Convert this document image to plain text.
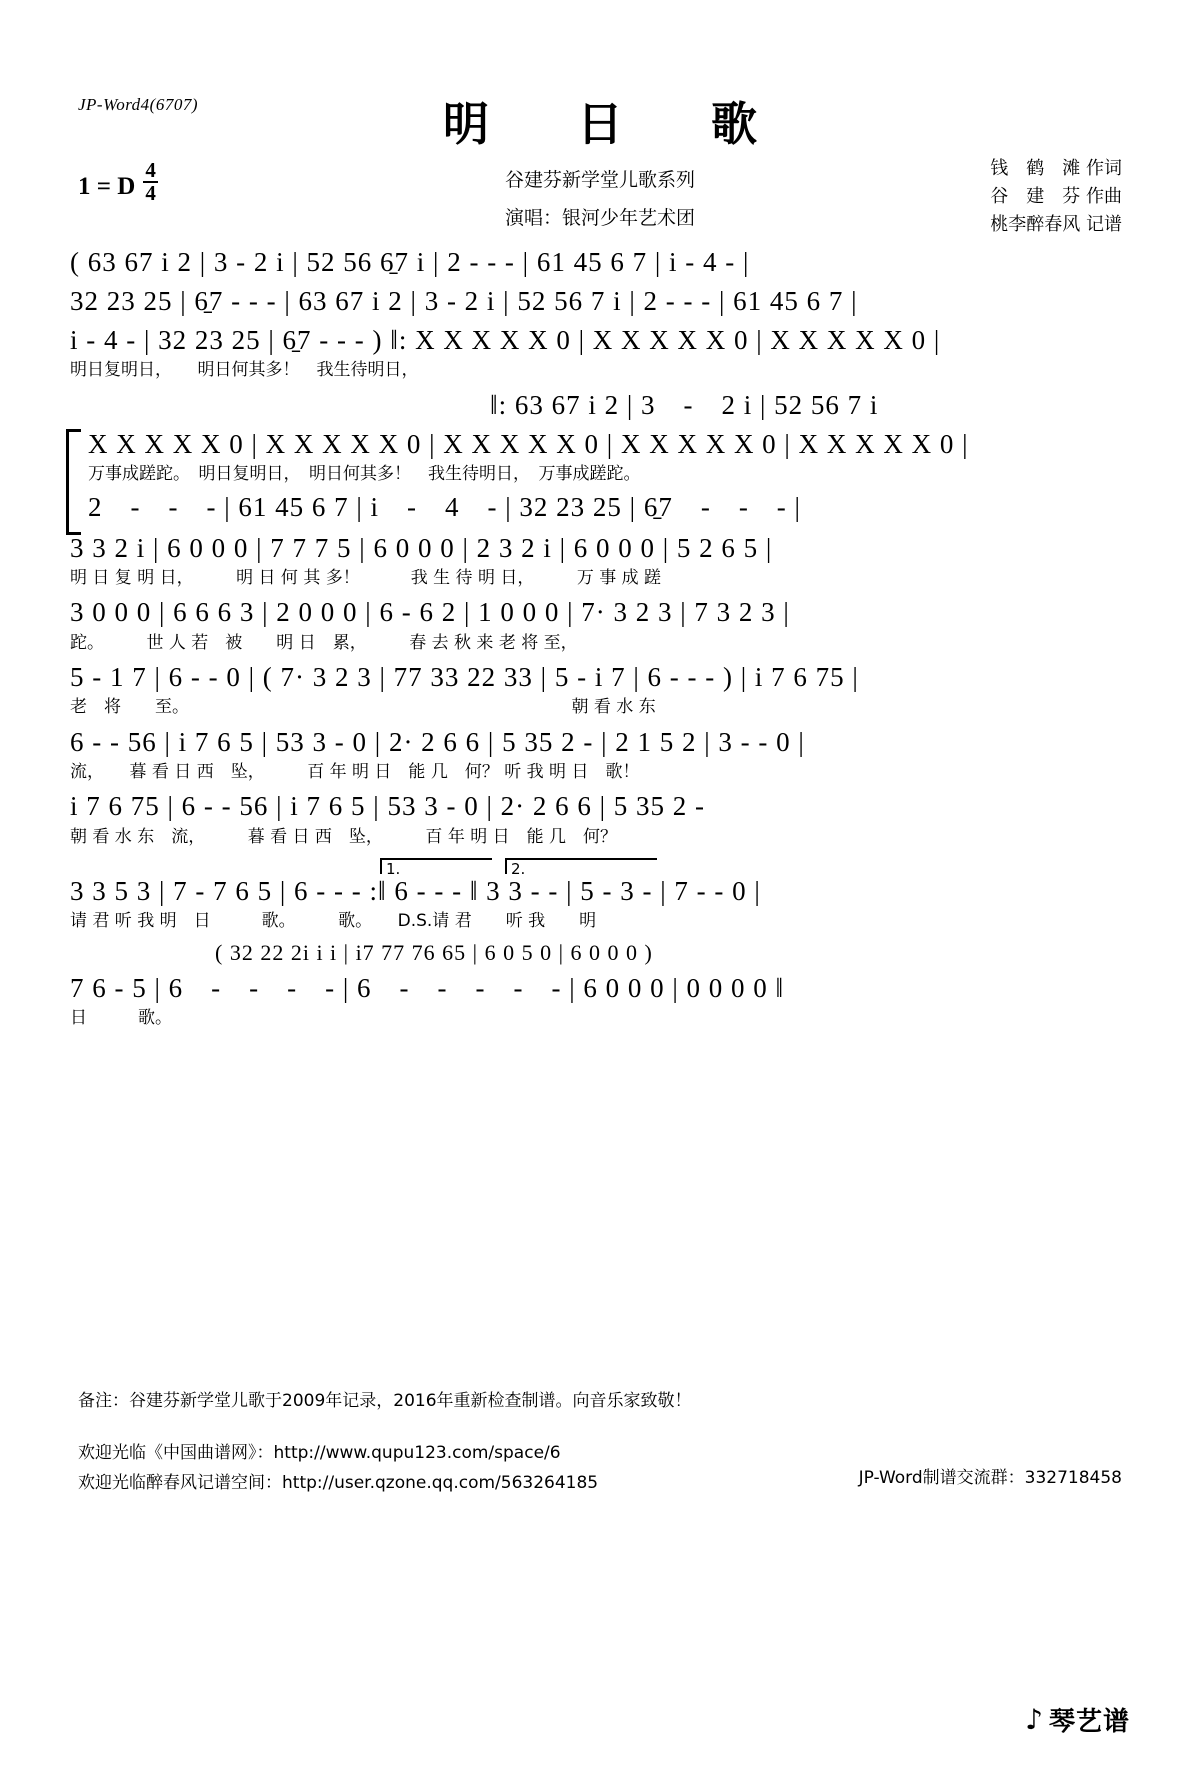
JP-Word4(6707)	明 日 歌
谷建芬新学堂儿歌系列
演唱：银河少年艺术团
1 = D $\frac{4}{4}$	钱　鹤　滩 作词
谷　建　芬 作曲
桃李醉春风 记谱
( 63 67 i 2 | 3 - 2 i | 52 56 6̱7 i | 2 - - - | 61 45 6 7 | i - 4 - |
32 23 25 | 6̱7 - - - | 63 67 i 2 | 3 - 2 i | 52 56 7 i | 2 - - - | 61 45 6 7 |
i - 4 - | 32 23 25 | 6̱7 - - - ) ‖: X X X X X 0 | X X X X X 0 | X X X X X 0 |
明日复明日，　　明日何其多！　我生待明日，
‖: 63 67 i 2 | 3　-　2 i | 52 56 7 i
X X X X X 0 | X X X X X 0 | X X X X X 0 | X X X X X 0 | X X X X X 0 |
万事成蹉跎。　明日复明日，　明日何其多！　我生待明日，　万事成蹉跎。
2　-　-　- | 61 45 6 7 | i　-　4　- | 32 23 25 | 6̱7　-　-　- |
3 3 2 i | 6 0 0 0 | 7 7 7 5 | 6 0 0 0 | 2 3 2 i | 6 0 0 0 | 5 2 6 5 |
明 日 复 明 日，　　　明 日 何 其 多！　　　我 生 待 明 日，　　　万 事 成 蹉
3 0 0 0 | 6 6 6 3 | 2 0 0 0 | 6 - 6 2 | 1 0 0 0 | 7· 3 2 3 | 7 3 2 3 |
跎。　　　世 人 若　被　　明 日　累，　　　春 去 秋 来 老 将 至，
5 - 1 7 | 6 - - 0 | ( 7· 3 2 3 | 77 33 22 33 | 5 - i 7 | 6 - - - ) | i 7 6 75 |
老　将　　至。　　　　　　　　　　　　　　　　　　　　　　　朝 看 水 东
6 - - 56 | i 7 6 5 | 53 3 - 0 | 2· 2 6 6 | 5 35 2 - | 2 1 5 2 | 3 - - 0 |
流，　　暮 看 日 西　坠，　　　百 年 明 日　能 几　何？ 听 我 明 日　歌！
i 7 6 75 | 6 - - 56 | i 7 6 5 | 53 3 - 0 | 2· 2 6 6 | 5 35 2 -
朝 看 水 东　流，　　　暮 看 日 西　坠，　　　百 年 明 日　能 几　何？
1.	2.
3 3 5 3 | 7 - 7 6 5 | 6 - - - :‖ 6 - - - ‖ 3 3 - - | 5 - 3 - | 7 - - 0 |
请 君 听 我 明　日　　　歌。　　　歌。　　D.S.请 君　　听 我　　明
( 32 22 2i i i | i7 77 76 65 | 6 0 5 0 | 6 0 0 0 )
7 6 - 5 | 6　-　-　-　- | 6　-　-　-　-　- | 6 0 0 0 | 0 0 0 0 ‖
日　　　歌。
备注：谷建芬新学堂儿歌于2009年记录，2016年重新检查制谱。向音乐家致敬！
欢迎光临《中国曲谱网》：http://www.qupu123.com/space/6
欢迎光临醉春风记谱空间：http://user.qzone.qq.com/563264185	JP-Word制谱交流群：332718458
♪ 琴艺谱
